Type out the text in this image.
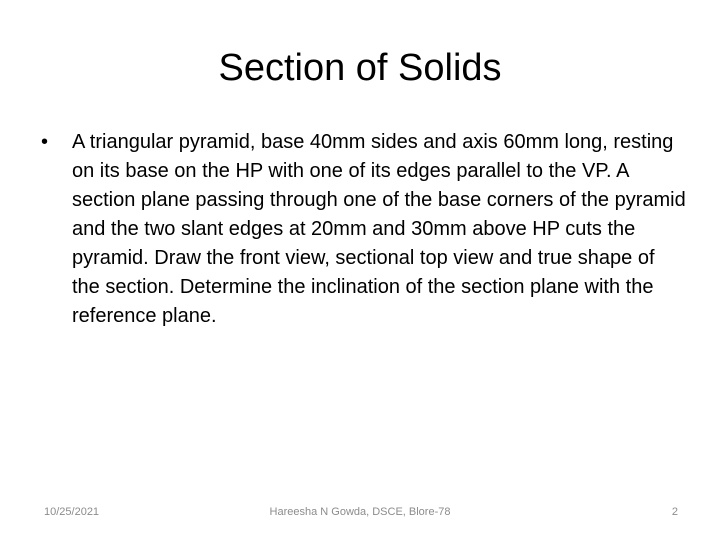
Section of Solids
• A triangular pyramid, base 40mm sides and axis 60mm long, resting on its base on the HP with one of its edges parallel to the VP. A section plane passing through one of the base corners of the pyramid and the two slant edges at 20mm and 30mm above HP cuts the pyramid. Draw the front view, sectional top view and true shape of the section. Determine the inclination of the section plane with the reference plane.
10/25/2021	Hareesha N Gowda, DSCE, Blore-78	2
